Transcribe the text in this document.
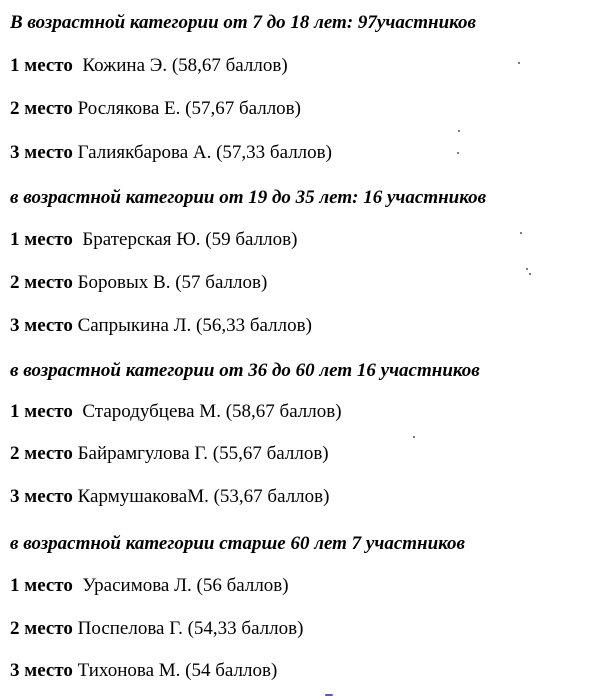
В возрастной категории от 7 до 18 лет: 97участников
1 место Кожина Э. (58,67 баллов)
2 место Рослякова Е. (57,67 баллов)
3 место Галиякбарова А. (57,33 баллов)
в возрастной категории от 19 до 35 лет: 16 участников
1 место Братерская Ю. (59 баллов)
2 место Боровых В. (57 баллов)
3 место Сапрыкина Л. (56,33 баллов)
в возрастной категории от 36 до 60 лет 16 участников
1 место Стародубцева М. (58,67 баллов)
2 место Байрамгулова Г. (55,67 баллов)
3 место КармушаковаМ. (53,67 баллов)
в возрастной категории старше 60 лет 7 участников
1 место Урасимова Л. (56 баллов)
2 место Поспелова Г. (54,33 баллов)
3 место Тихонова М. (54 баллов)
